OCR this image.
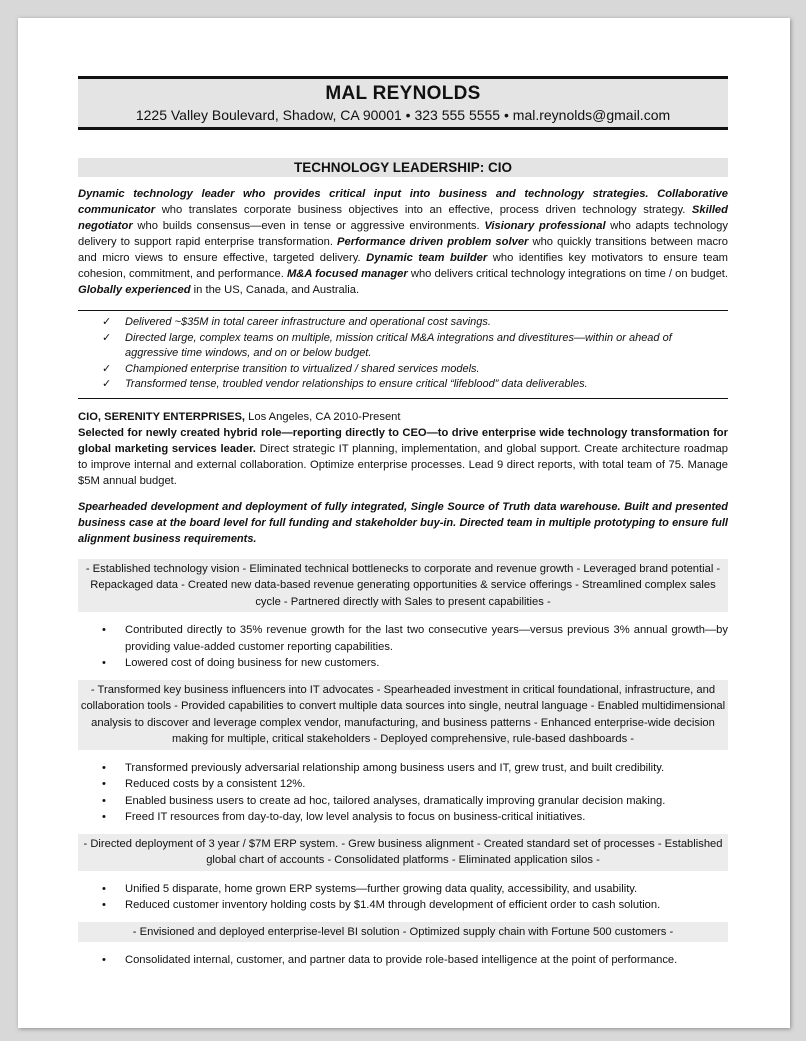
MAL REYNOLDS
1225 Valley Boulevard, Shadow, CA 90001 • 323 555 5555 • mal.reynolds@gmail.com
TECHNOLOGY LEADERSHIP: CIO
Dynamic technology leader who provides critical input into business and technology strategies. Collaborative communicator who translates corporate business objectives into an effective, process driven technology strategy. Skilled negotiator who builds consensus—even in tense or aggressive environments. Visionary professional who adapts technology delivery to support rapid enterprise transformation. Performance driven problem solver who quickly transitions between macro and micro views to ensure effective, targeted delivery. Dynamic team builder who identifies key motivators to ensure team cohesion, commitment, and performance. M&A focused manager who delivers critical technology integrations on time / on budget. Globally experienced in the US, Canada, and Australia.
✓ Delivered ~$35M in total career infrastructure and operational cost savings.
✓ Directed large, complex teams on multiple, mission critical M&A integrations and divestitures—within or ahead of aggressive time windows, and on or below budget.
✓ Championed enterprise transition to virtualized / shared services models.
✓ Transformed tense, troubled vendor relationships to ensure critical “lifeblood” data deliverables.
CIO, SERENITY ENTERPRISES, Los Angeles, CA 2010-Present
Selected for newly created hybrid role—reporting directly to CEO—to drive enterprise wide technology transformation for global marketing services leader. Direct strategic IT planning, implementation, and global support. Create architecture roadmap to improve internal and external collaboration. Optimize enterprise processes. Lead 9 direct reports, with total team of 75. Manage $5M annual budget.
Spearheaded development and deployment of fully integrated, Single Source of Truth data warehouse. Built and presented business case at the board level for full funding and stakeholder buy-in. Directed team in multiple prototyping to ensure full alignment business requirements.
- Established technology vision - Eliminated technical bottlenecks to corporate and revenue growth - Leveraged brand potential - Repackaged data - Created new data-based revenue generating opportunities & service offerings - Streamlined complex sales cycle - Partnered directly with Sales to present capabilities -
•
Contributed directly to 35% revenue growth for the last two consecutive years—versus previous 3% annual growth—by providing value-added customer reporting capabilities.
•
Lowered cost of doing business for new customers.
- Transformed key business influencers into IT advocates - Spearheaded investment in critical foundational, infrastructure, and collaboration tools - Provided capabilities to convert multiple data sources into single, neutral language - Enabled multidimensional analysis to discover and leverage complex vendor, manufacturing, and business patterns - Enhanced enterprise-wide decision making for multiple, critical stakeholders - Deployed comprehensive, rule-based dashboards -
•
Transformed previously adversarial relationship among business users and IT, grew trust, and built credibility.
•
Reduced costs by a consistent 12%.
•
Enabled business users to create ad hoc, tailored analyses, dramatically improving granular decision making.
•
Freed IT resources from day-to-day, low level analysis to focus on business-critical initiatives.
- Directed deployment of 3 year / $7M ERP system. - Grew business alignment - Created standard set of processes - Established global chart of accounts - Consolidated platforms - Eliminated application silos -
•
Unified 5 disparate, home grown ERP systems—further growing data quality, accessibility, and usability.
•
Reduced customer inventory holding costs by $1.4M through development of efficient order to cash solution.
- Envisioned and deployed enterprise-level BI solution - Optimized supply chain with Fortune 500 customers -
•
Consolidated internal, customer, and partner data to provide role-based intelligence at the point of performance.
